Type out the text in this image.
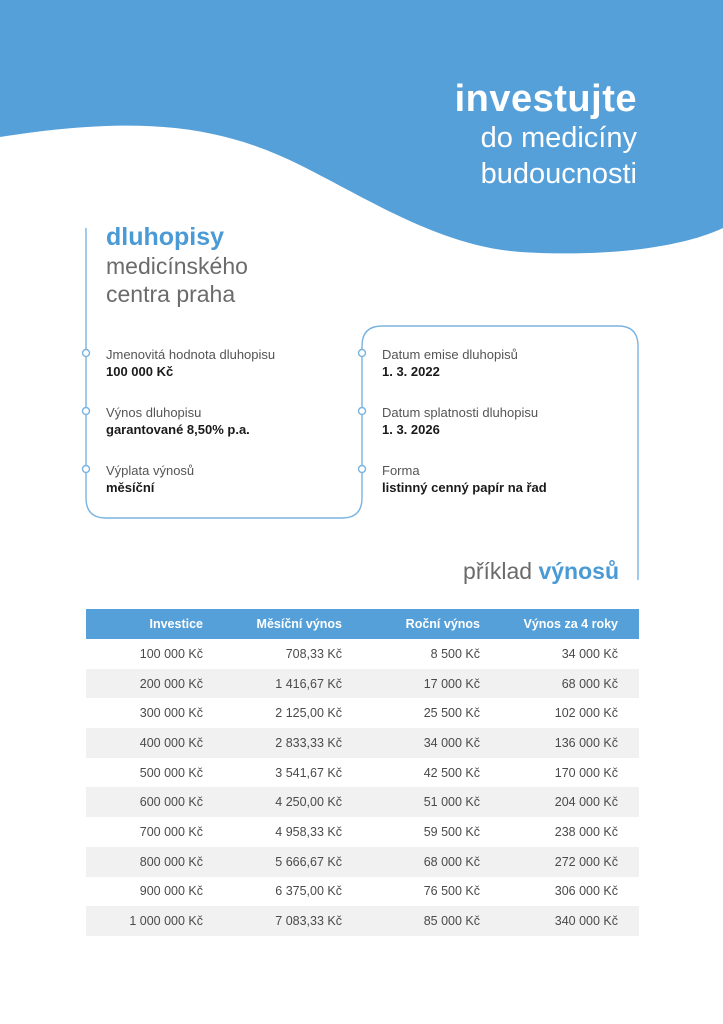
investujte
do medicíny
budoucnosti
dluhopisy
medicínského
centra praha
Jmenovitá hodnota dluhopisu
100 000 Kč
Výnos dluhopisu
garantované 8,50% p.a.
Výplata výnosů
měsíční
Datum emise dluhopisů
1. 3. 2022
Datum splatnosti dluhopisu
1. 3. 2026
Forma
listinný cenný papír na řad
příklad výnosů
Investice	Měsíční výnos	Roční výnos	Výnos za 4 roky	
100 000 Kč	708,33 Kč	8 500 Kč	34 000 Kč	
200 000 Kč	1 416,67 Kč	17 000 Kč	68 000 Kč	
300 000 Kč	2 125,00 Kč	25 500 Kč	102 000 Kč	
400 000 Kč	2 833,33 Kč	34 000 Kč	136 000 Kč	
500 000 Kč	3 541,67 Kč	42 500 Kč	170 000 Kč	
600 000 Kč	4 250,00 Kč	51 000 Kč	204 000 Kč	
700 000 Kč	4 958,33 Kč	59 500 Kč	238 000 Kč	
800 000 Kč	5 666,67 Kč	68 000 Kč	272 000 Kč	
900 000 Kč	6 375,00 Kč	76 500 Kč	306 000 Kč	
1 000 000 Kč	7 083,33 Kč	85 000 Kč	340 000 Kč	
